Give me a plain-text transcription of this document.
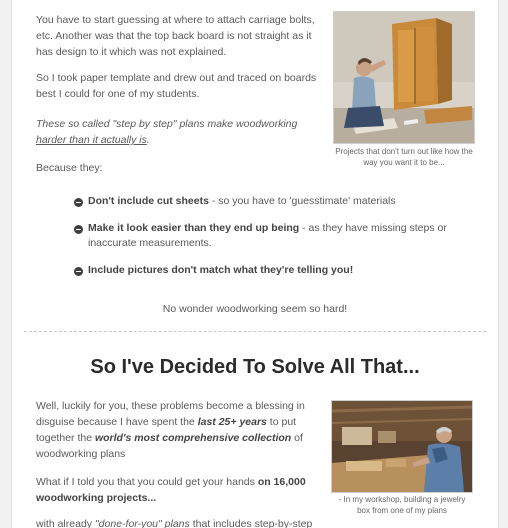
You have to start guessing at where to attach carriage bolts, etc. Another was that the top back board is not straight as it has design to it which was not explained.

So I took paper template and drew out and traced on boards best I could for one of my students.

These so called "step by step" plans make woodworking harder than it actually is.

Because they:

Projects that don't turn out like how the way you want it to be...
Don't include cut sheets - so you have to 'guesstimate' materials
Make it look easier than they end up being - as they have missing steps or inaccurate measurements.
Include pictures don't match what they're telling you!

No wonder woodworking seem so hard!

So I've Decided To Solve All That...

Well, luckily for you, these problems become a blessing in disguise because I have spent the last 25+ years to put together the world's most comprehensive collection of woodworking plans

What if I told you that you could get your hands on 16,000 woodworking projects...

with already "done-for-you" plans that includes step-by-step

- In my workshop, building a jewelry box from one of my plans
